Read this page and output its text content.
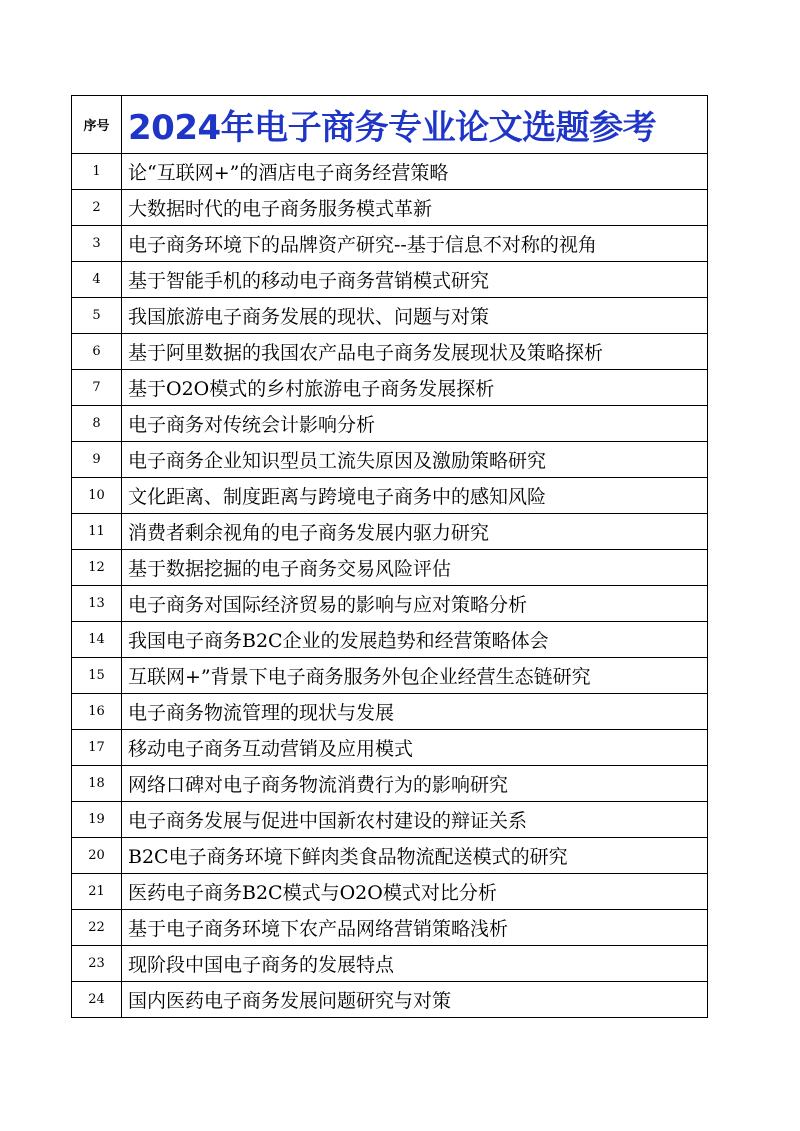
序号	2024年电子商务专业论文选题参考
1	论“互联网+”的酒店电子商务经营策略
2	大数据时代的电子商务服务模式革新
3	电子商务环境下的品牌资产研究--基于信息不对称的视角
4	基于智能手机的移动电子商务营销模式研究
5	我国旅游电子商务发展的现状、问题与对策
6	基于阿里数据的我国农产品电子商务发展现状及策略探析
7	基于O2O模式的乡村旅游电子商务发展探析
8	电子商务对传统会计影响分析
9	电子商务企业知识型员工流失原因及激励策略研究
10	文化距离、制度距离与跨境电子商务中的感知风险
11	消费者剩余视角的电子商务发展内驱力研究
12	基于数据挖掘的电子商务交易风险评估
13	电子商务对国际经济贸易的影响与应对策略分析
14	我国电子商务B2C企业的发展趋势和经营策略体会
15	互联网+”背景下电子商务服务外包企业经营生态链研究
16	电子商务物流管理的现状与发展
17	移动电子商务互动营销及应用模式
18	网络口碑对电子商务物流消费行为的影响研究
19	电子商务发展与促进中国新农村建设的辩证关系
20	B2C电子商务环境下鲜肉类食品物流配送模式的研究
21	医药电子商务B2C模式与O2O模式对比分析
22	基于电子商务环境下农产品网络营销策略浅析
23	现阶段中国电子商务的发展特点
24	国内医药电子商务发展问题研究与对策
